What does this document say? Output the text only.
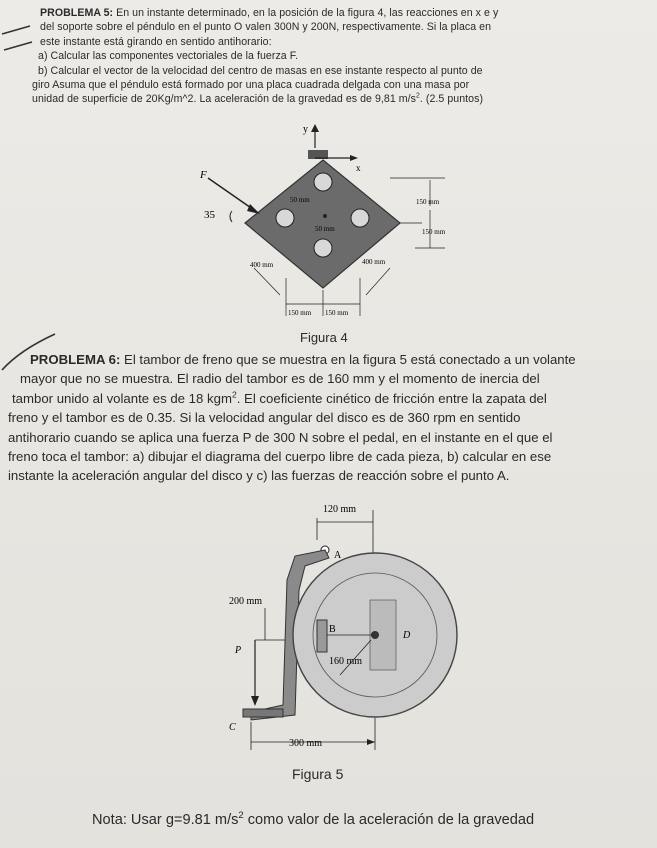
PROBLEMA 5: En un instante determinado, en la posición de la figura 4, las reacciones en x e y

del soporte sobre el péndulo en el punto O valen 300N y 200N, respectivamente. Si la placa en

este instante está girando en sentido antihorario:

a) Calcular las componentes vectoriales de la fuerza F.

b) Calcular el vector de la velocidad del centro de masas en ese instante respecto al punto de

giro Asuma que el péndulo está formado por una placa cuadrada delgada con una masa por

unidad de superficie de 20Kg/m^2. La aceleración de la gravedad es de 9,81 $m/s^2$. (2.5 puntos)

y
x
F
35
50 mm
50 mm
150 mm
150 mm
400 mm	400 mm
150 mm 150 mm
Figura 4

PROBLEMA 6: El tambor de freno que se muestra en la figura 5 está conectado a un volante

mayor que no se muestra. El radio del tambor es de 160 mm y el momento de inercia del

tambor unido al volante es de 18 kgm$^2$. El coeficiente cinético de fricción entre la zapata del

freno y el tambor es de 0.35. Si la velocidad angular del disco es de 360 rpm en sentido

antihorario cuando se aplica una fuerza P de 300 N sobre el pedal, en el instante en el que el

freno toca el tambor: a) dibujar el diagrama del cuerpo libre de cada pieza, b) calcular en ese

instante la aceleración angular del disco y c) las fuerzas de reacción sobre el punto A.

120 mm
A
P
200 mm
B
D
160 mm
C
300 mm
Figura 5
Nota: Usar g=9.81 $m/s^2$ como valor de la aceleración de la gravedad
